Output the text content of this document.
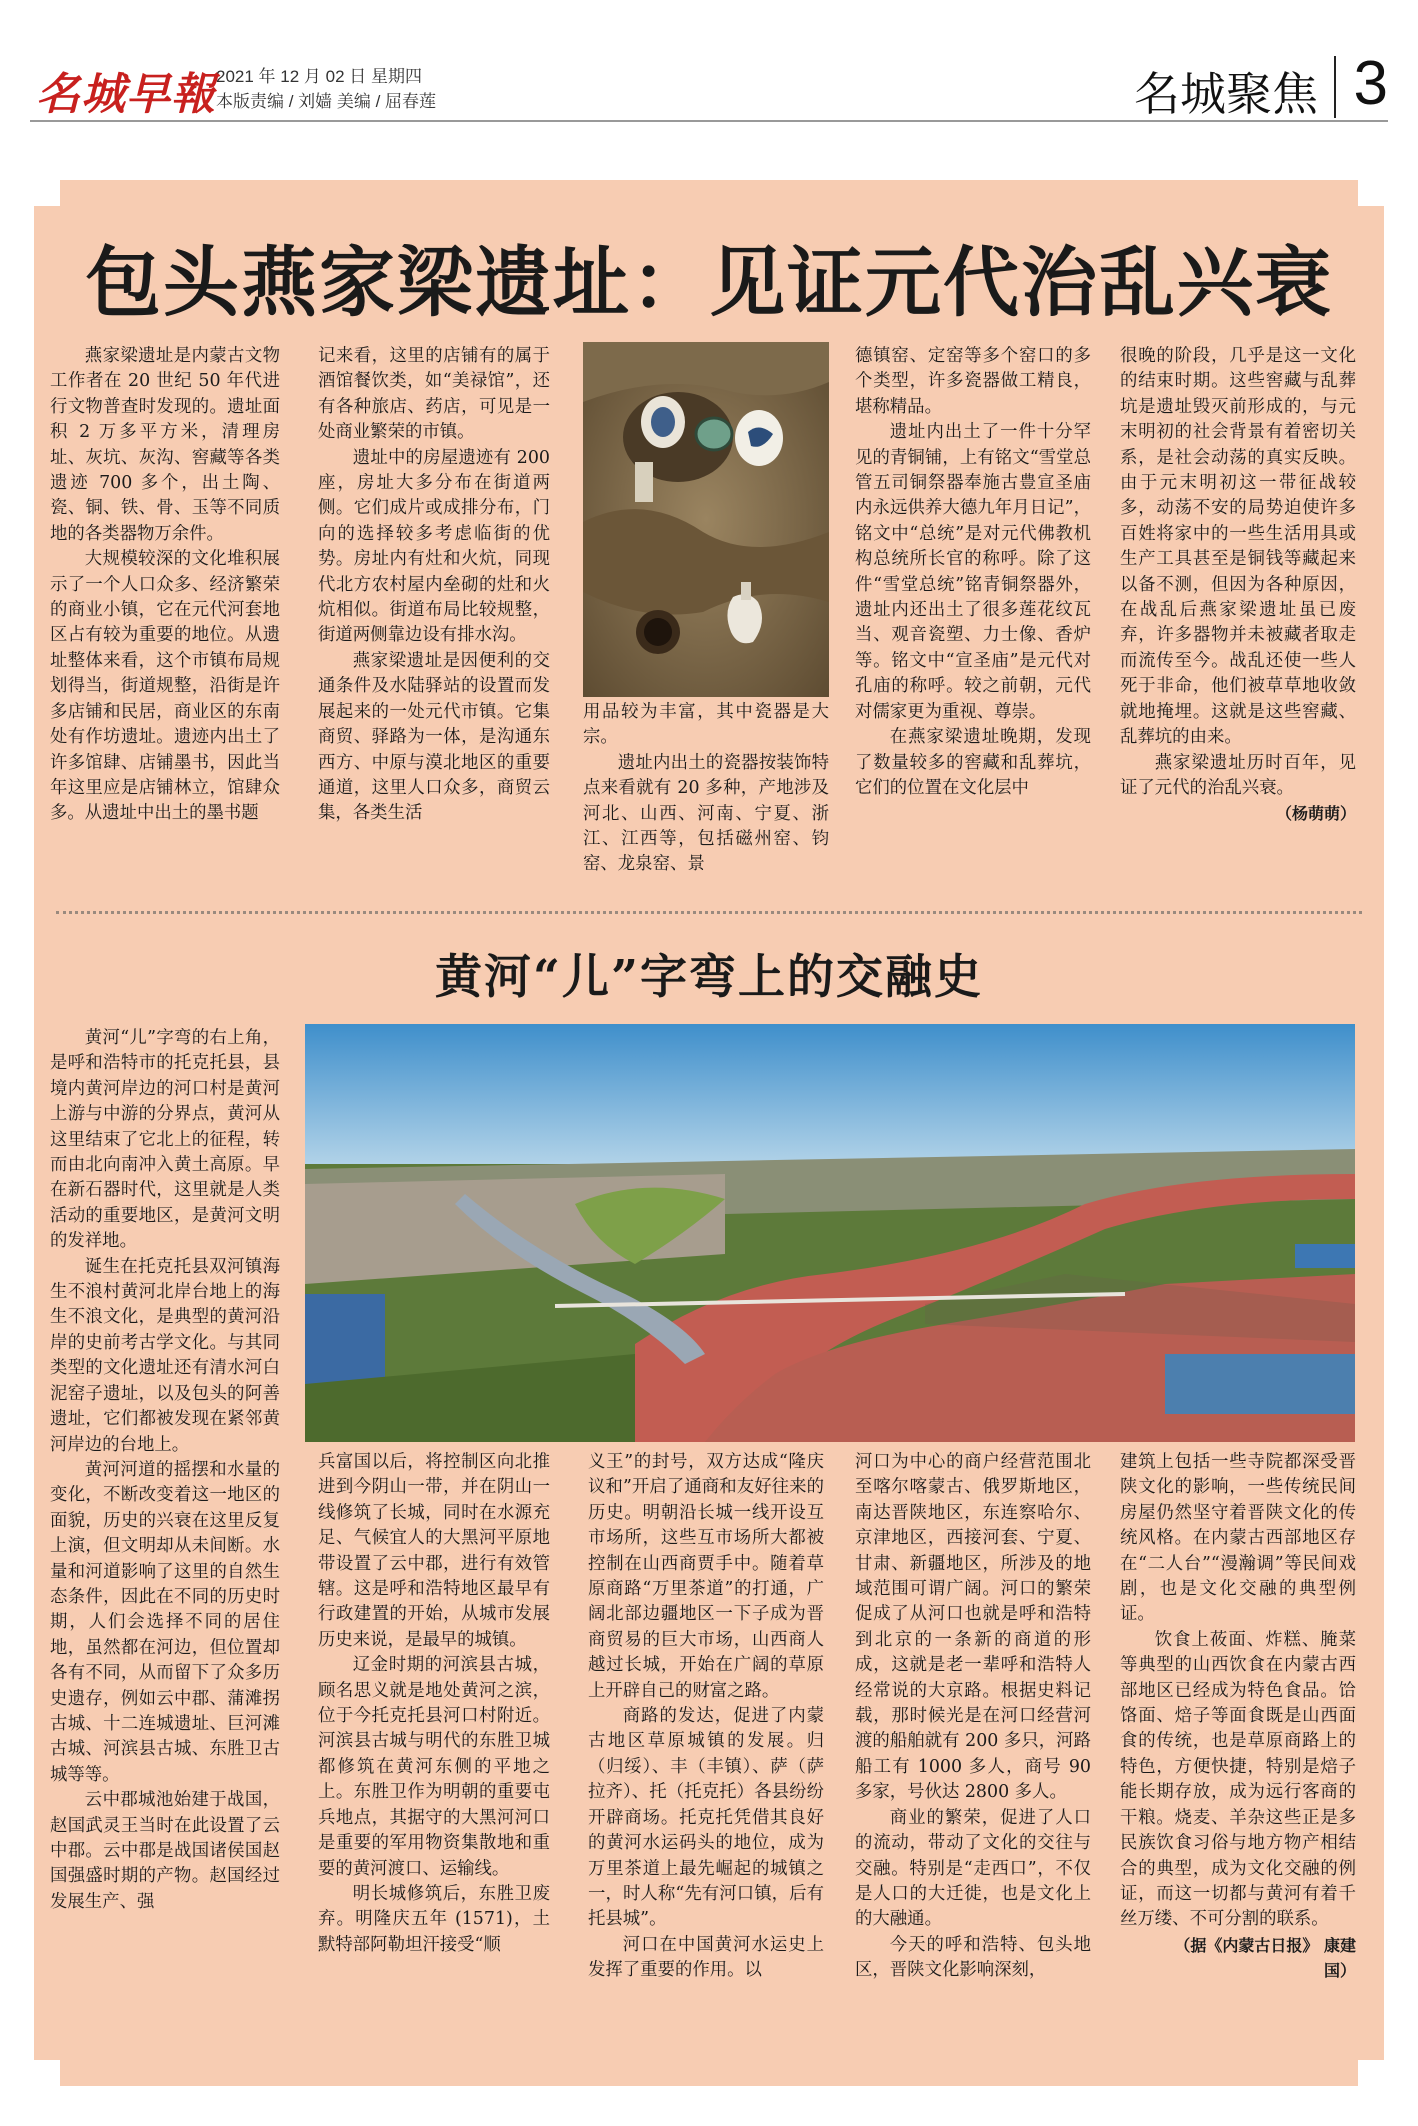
名城早報 2021 年 12 月 02 日 星期四
本版责编 / 刘嫱 美编 / 屈春莲	名城聚焦 3
包头燕家梁遗址：见证元代治乱兴衰

燕家梁遗址是内蒙古文物工作者在 20 世纪 50 年代进行文物普查时发现的。遗址面积 2 万多平方米，清理房址、灰坑、灰沟、窖藏等各类遗迹 700 多个，出土陶、瓷、铜、铁、骨、玉等不同质地的各类器物万余件。

大规模较深的文化堆积展示了一个人口众多、经济繁荣的商业小镇，它在元代河套地区占有较为重要的地位。从遗址整体来看，这个市镇布局规划得当，街道规整，沿街是许多店铺和民居，商业区的东南处有作坊遗址。遗迹内出土了许多馆肆、店铺墨书，因此当年这里应是店铺林立，馆肆众多。从遗址中出土的墨书题

记来看，这里的店铺有的属于酒馆餐饮类，如“美禄馆”，还有各种旅店、药店，可见是一处商业繁荣的市镇。

遗址中的房屋遗迹有 200 座，房址大多分布在街道两侧。它们成片或成排分布，门向的选择较多考虑临街的优势。房址内有灶和火炕，同现代北方农村屋内垒砌的灶和火炕相似。街道布局比较规整，街道两侧靠边设有排水沟。

燕家梁遗址是因便利的交通条件及水陆驿站的设置而发展起来的一处元代市镇。它集商贸、驿路为一体，是沟通东西方、中原与漠北地区的重要通道，这里人口众多，商贸云集，各类生活

用品较为丰富，其中瓷器是大宗。

遗址内出土的瓷器按装饰特点来看就有 20 多种，产地涉及河北、山西、河南、宁夏、浙江、江西等，包括磁州窑、钧窑、龙泉窑、景

德镇窑、定窑等多个窑口的多个类型，许多瓷器做工精良，堪称精品。

遗址内出土了一件十分罕见的青铜铺，上有铭文“雪堂总管五司铜祭器奉施古豊宣圣庙内永远供养大德九年月日记”，铭文中“总统”是对元代佛教机构总统所长官的称呼。除了这件“雪堂总统”铭青铜祭器外，遗址内还出土了很多莲花纹瓦当、观音瓷塑、力士像、香炉等。铭文中“宣圣庙”是元代对孔庙的称呼。较之前朝，元代对儒家更为重视、尊崇。

在燕家梁遗址晚期，发现了数量较多的窖藏和乱葬坑，它们的位置在文化层中

很晚的阶段，几乎是这一文化的结束时期。这些窖藏与乱葬坑是遗址毁灭前形成的，与元末明初的社会背景有着密切关系，是社会动荡的真实反映。由于元末明初这一带征战较多，动荡不安的局势迫使许多百姓将家中的一些生活用具或生产工具甚至是铜钱等藏起来以备不测，但因为各种原因，在战乱后燕家梁遗址虽已废弃，许多器物并未被藏者取走而流传至今。战乱还使一些人死于非命，他们被草草地收敛就地掩埋。这就是这些窖藏、乱葬坑的由来。

燕家梁遗址历时百年，见证了元代的治乱兴衰。

（杨萌萌）

黄河“儿”字弯上的交融史

黄河“儿”字弯的右上角，是呼和浩特市的托克托县，县境内黄河岸边的河口村是黄河上游与中游的分界点，黄河从这里结束了它北上的征程，转而由北向南冲入黄土高原。早在新石器时代，这里就是人类活动的重要地区，是黄河文明的发祥地。

诞生在托克托县双河镇海生不浪村黄河北岸台地上的海生不浪文化，是典型的黄河沿岸的史前考古学文化。与其同类型的文化遗址还有清水河白泥窑子遗址，以及包头的阿善遗址，它们都被发现在紧邻黄河岸边的台地上。

黄河河道的摇摆和水量的变化，不断改变着这一地区的面貌，历史的兴衰在这里反复上演，但文明却从未间断。水量和河道影响了这里的自然生态条件，因此在不同的历史时期，人们会选择不同的居住地，虽然都在河边，但位置却各有不同，从而留下了众多历史遗存，例如云中郡、蒲滩拐古城、十二连城遗址、巨河滩古城、河滨县古城、东胜卫古城等等。

云中郡城池始建于战国，赵国武灵王当时在此设置了云中郡。云中郡是战国诸侯国赵国强盛时期的产物。赵国经过发展生产、强

兵富国以后，将控制区向北推进到今阴山一带，并在阴山一线修筑了长城，同时在水源充足、气候宜人的大黑河平原地带设置了云中郡，进行有效管辖。这是呼和浩特地区最早有行政建置的开始，从城市发展历史来说，是最早的城镇。

辽金时期的河滨县古城，顾名思义就是地处黄河之滨，位于今托克托县河口村附近。河滨县古城与明代的东胜卫城都修筑在黄河东侧的平地之上。东胜卫作为明朝的重要屯兵地点，其据守的大黑河河口是重要的军用物资集散地和重要的黄河渡口、运输线。

明长城修筑后，东胜卫废弃。明隆庆五年 (1571)，土默特部阿勒坦汗接受“顺

义王”的封号，双方达成“隆庆议和”开启了通商和友好往来的历史。明朝沿长城一线开设互市场所，这些互市场所大都被控制在山西商贾手中。随着草原商路“万里茶道”的打通，广阔北部边疆地区一下子成为晋商贸易的巨大市场，山西商人越过长城，开始在广阔的草原上开辟自己的财富之路。

商路的发达，促进了内蒙古地区草原城镇的发展。归（归绥）、丰（丰镇）、萨（萨拉齐）、托（托克托）各县纷纷开辟商场。托克托凭借其良好的黄河水运码头的地位，成为万里茶道上最先崛起的城镇之一，时人称“先有河口镇，后有托县城”。

河口在中国黄河水运史上发挥了重要的作用。以

河口为中心的商户经营范围北至喀尔喀蒙古、俄罗斯地区，南达晋陕地区，东连察哈尔、京津地区，西接河套、宁夏、甘肃、新疆地区，所涉及的地域范围可谓广阔。河口的繁荣促成了从河口也就是呼和浩特到北京的一条新的商道的形成，这就是老一辈呼和浩特人经常说的大京路。根据史料记载，那时候光是在河口经营河渡的船舶就有 200 多只，河路船工有 1000 多人，商号 90 多家，号伙达 2800 多人。

商业的繁荣，促进了人口的流动，带动了文化的交往与交融。特别是“走西口”，不仅是人口的大迁徙，也是文化上的大融通。

今天的呼和浩特、包头地区，晋陕文化影响深刻，

建筑上包括一些寺院都深受晋陕文化的影响，一些传统民间房屋仍然坚守着晋陕文化的传统风格。在内蒙古西部地区存在“二人台”“漫瀚调”等民间戏剧，也是文化交融的典型例证。

饮食上莜面、炸糕、腌菜等典型的山西饮食在内蒙古西部地区已经成为特色食品。饸饹面、焙子等面食既是山西面食的传统，也是草原商路上的特色，方便快捷，特别是焙子能长期存放，成为远行客商的干粮。烧麦、羊杂这些正是多民族饮食习俗与地方物产相结合的典型，成为文化交融的例证，而这一切都与黄河有着千丝万缕、不可分割的联系。

（据《内蒙古日报》 康建国）
